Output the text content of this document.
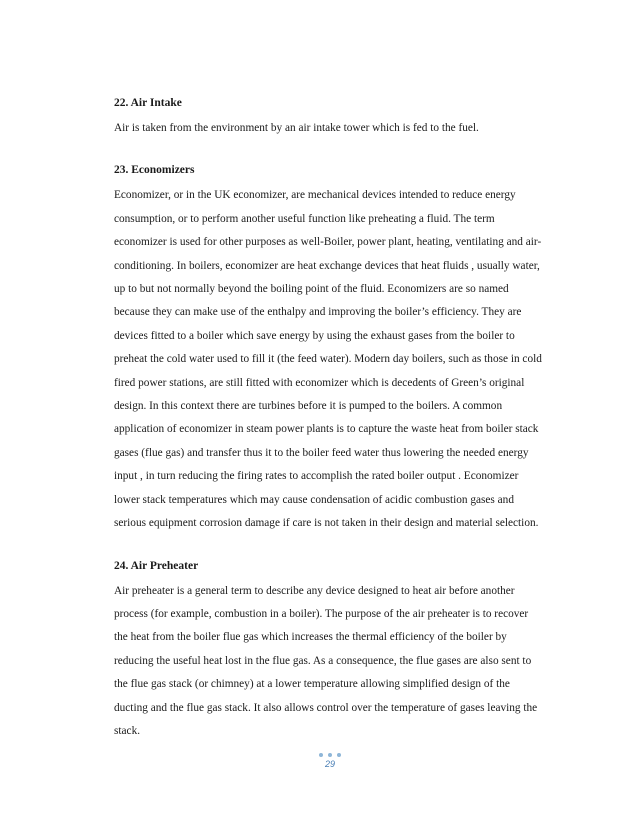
22. Air Intake

Air is taken from the environment by an air intake tower which is fed to the fuel.

23. Economizers

Economizer, or in the UK economizer, are mechanical devices intended to reduce energy consumption, or to perform another useful function like preheating a fluid. The term economizer is used for other purposes as well-Boiler, power plant, heating, ventilating and air-conditioning. In boilers, economizer are heat exchange devices that heat fluids , usually water, up to but not normally beyond the boiling point of the fluid. Economizers are so named because they can make use of the enthalpy and improving the boiler’s efficiency. They are devices fitted to a boiler which save energy by using the exhaust gases from the boiler to preheat the cold water used to fill it (the feed water). Modern day boilers, such as those in cold fired power stations, are still fitted with economizer which is decedents of Green’s original design. In this context there are turbines before it is pumped to the boilers. A common application of economizer in steam power plants is to capture the waste heat from boiler stack gases (flue gas) and transfer thus it to the boiler feed water thus lowering the needed energy input , in turn reducing the firing rates to accomplish the rated boiler output . Economizer lower stack temperatures which may cause condensation of acidic combustion gases and serious equipment corrosion damage if care is not taken in their design and material selection.

24. Air Preheater

Air preheater is a general term to describe any device designed to heat air before another process (for example, combustion in a boiler). The purpose of the air preheater is to recover the heat from the boiler flue gas which increases the thermal efficiency of the boiler by reducing the useful heat lost in the flue gas. As a consequence, the flue gases are also sent to the flue gas stack (or chimney) at a lower temperature allowing simplified design of the ducting and the flue gas stack. It also allows control over the temperature of gases leaving the stack.

29
